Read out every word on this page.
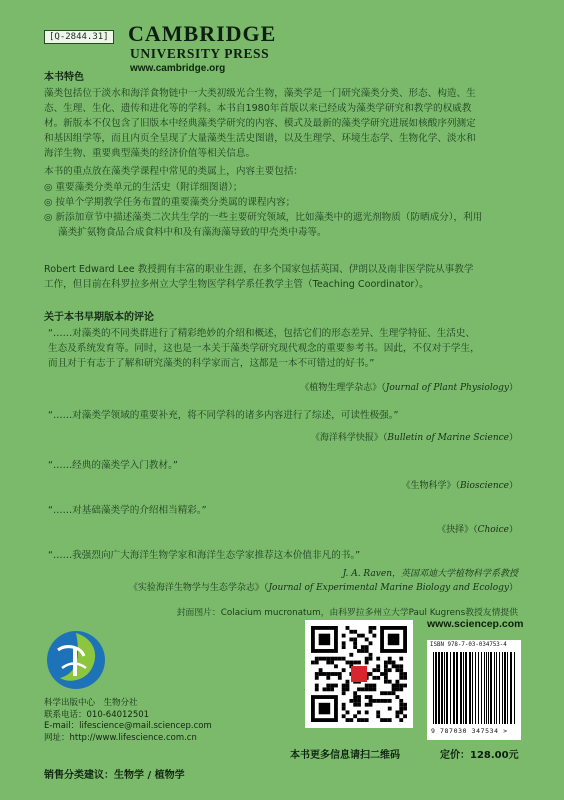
[Q-2844.31] CAMBRIDGE
UNIVERSITY PRESS
www.cambridge.org
本书特色
藻类包括位于淡水和海洋食物链中一大类初级光合生物，藻类学是一门研究藻类分类、形态、构造、生
态、生理、生化、遗传和进化等的学科。本书自1980年首版以来已经成为藻类学研究和教学的权威教
材。新版本不仅包含了旧版本中经典藻类学研究的内容、模式及最新的藻类学研究进展如核酸序列测定
和基因组学等，而且内页全呈现了大量藻类生活史图谱，以及生理学、环境生态学、生物化学、淡水和
海洋生物、重要典型藻类的经济价值等相关信息。
本书的重点放在藻类学课程中常见的类属上，内容主要包括：
◎ 重要藻类分类单元的生活史（附详细图谱）；
◎ 按单个学期教学任务布置的重要藻类分类属的课程内容；
◎ 新添加章节中描述藻类二次共生学的一些主要研究领域，比如藻类中的遮光剂物质（防晒成分），利用
藻类扩氨物食品合成食料中和及有藻海藻导致的甲壳类中毒等。
Robert Edward Lee 教授拥有丰富的职业生涯，在多个国家包括英国、伊朗以及南非医学院从事教学
工作，但目前在科罗拉多州立大学生物医学科学系任教学主管（Teaching Coordinator）。
关于本书早期版本的评论
“……对藻类的不同类群进行了精彩绝妙的介绍和概述，包括它们的形态差异、生理学特征、生活史、
生态及系统发育等。同时，这也是一本关于藻类学研究现代观念的重要参考书。因此，不仅对于学生，
而且对于有志于了解和研究藻类的科学家而言，这都是一本不可错过的好书。”
《植物生理学杂志》（Journal of Plant Physiology）
“……对藻类学领域的重要补充，将不同学科的诸多内容进行了综述，可读性极强。”
《海洋科学快报》（Bulletin of Marine Science）
“……经典的藻类学入门教材。”
《生物科学》（Bioscience）
“……对基础藻类学的介绍相当精彩。”
《抉择》（Choice）
“……我强烈向广大海洋生物学家和海洋生态学家推荐这本价值非凡的书。”
J. A. Raven，英国邓迪大学植物科学系教授
《实验海洋生物学与生态学杂志》（Journal of Experimental Marine Biology and Ecology）
封面图片：Colacium mucronatum，由科罗拉多州立大学Paul Kugrens教授友情提供
科学出版中心　生物分社
联系电话：010-64012501
E-mail：lifescience@mail.sciencep.com
网址：http://www.lifescience.com.cn
www.sciencep.com
ISBN 978-7-03-034753-4
9 787030 347534 >
销售分类建议：生物学 / 植物学
本书更多信息请扫二维码	定价：128.00元
